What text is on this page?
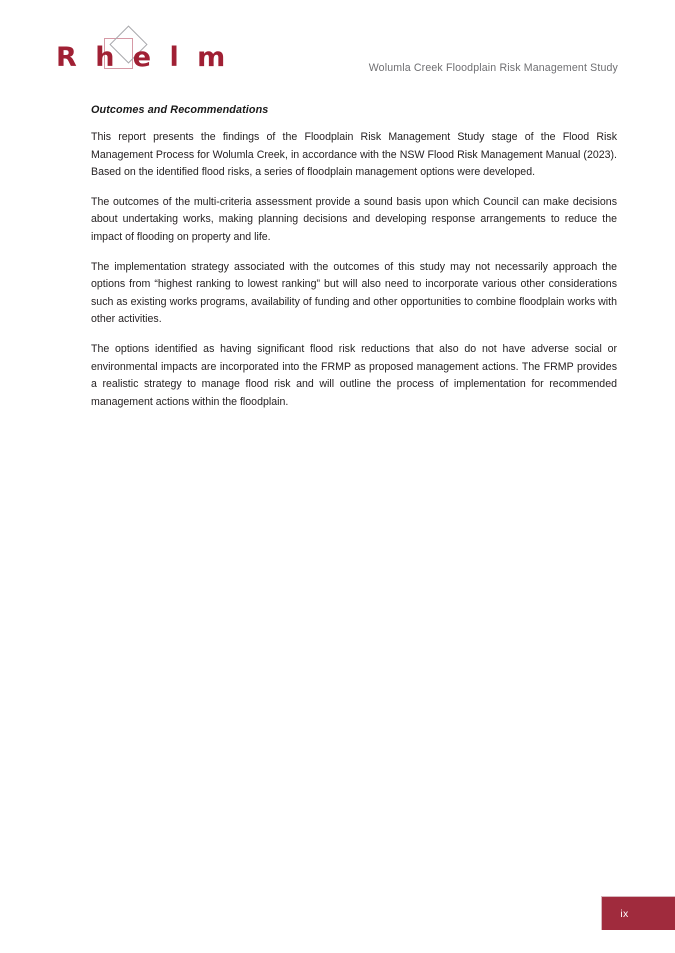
R h e l m	Wolumla Creek Floodplain Risk Management Study
Outcomes and Recommendations

This report presents the findings of the Floodplain Risk Management Study stage of the Flood Risk Management Process for Wolumla Creek, in accordance with the NSW Flood Risk Management Manual (2023). Based on the identified flood risks, a series of floodplain management options were developed.

The outcomes of the multi-criteria assessment provide a sound basis upon which Council can make decisions about undertaking works, making planning decisions and developing response arrangements to reduce the impact of flooding on property and life.

The implementation strategy associated with the outcomes of this study may not necessarily approach the options from “highest ranking to lowest ranking” but will also need to incorporate various other considerations such as existing works programs, availability of funding and other opportunities to combine floodplain works with other activities.

The options identified as having significant flood risk reductions that also do not have adverse social or environmental impacts are incorporated into the FRMP as proposed management actions. The FRMP provides a realistic strategy to manage flood risk and will outline the process of implementation for recommended management actions within the floodplain.

ix
